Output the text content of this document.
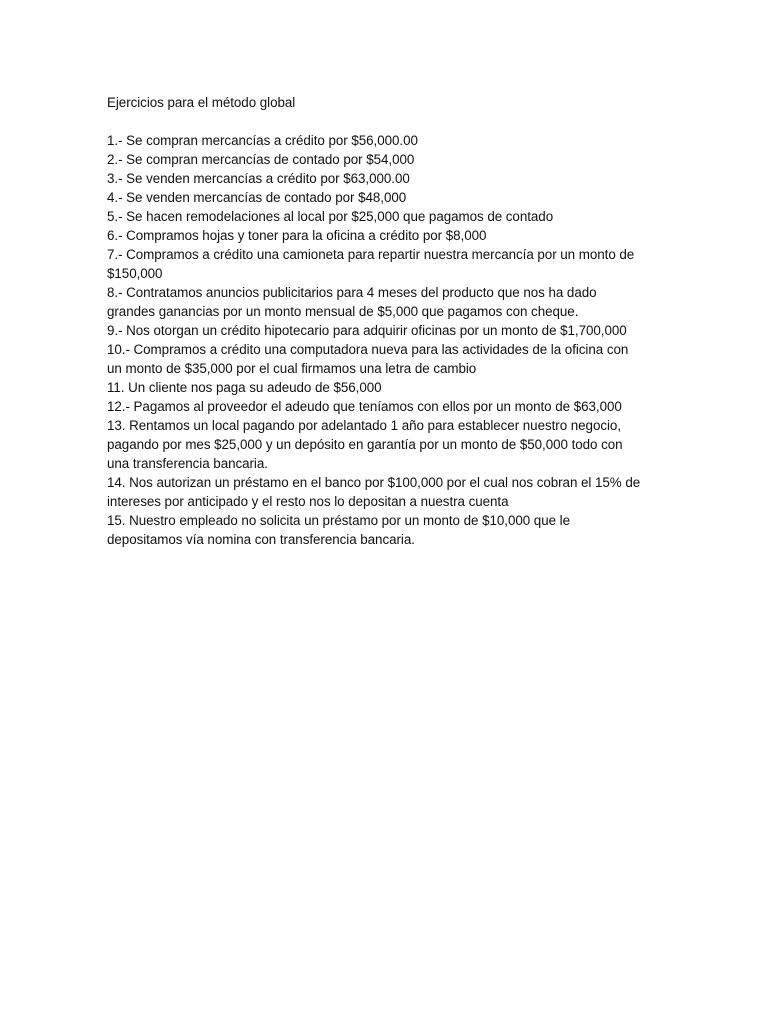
Ejercicios para el método global

1.- Se compran mercancías a crédito por $56,000.00

2.- Se compran mercancías de contado por $54,000

3.- Se venden mercancías a crédito por $63,000.00

4.- Se venden mercancías de contado por $48,000

5.- Se hacen remodelaciones al local por $25,000 que pagamos de contado

6.- Compramos hojas y toner para la oficina a crédito por $8,000

7.- Compramos a crédito una camioneta para repartir nuestra mercancía por un monto de

$150,000

8.- Contratamos anuncios publicitarios para 4 meses del producto que nos ha dado

grandes ganancias por un monto mensual de $5,000 que pagamos con cheque.

9.- Nos otorgan un crédito hipotecario para adquirir oficinas por un monto de $1,700,000

10.- Compramos a crédito una computadora nueva para las actividades de la oficina con

un monto de $35,000 por el cual firmamos una letra de cambio

11. Un cliente nos paga su adeudo de $56,000

12.- Pagamos al proveedor el adeudo que teníamos con ellos por un monto de $63,000

13. Rentamos un local pagando por adelantado 1 año para establecer nuestro negocio,

pagando por mes $25,000 y un depósito en garantía por un monto de $50,000 todo con

una transferencia bancaria.

14. Nos autorizan un préstamo en el banco por $100,000 por el cual nos cobran el 15% de

intereses por anticipado y el resto nos lo depositan a nuestra cuenta

15. Nuestro empleado no solicita un préstamo por un monto de $10,000 que le

depositamos vía nomina con transferencia bancaria.
